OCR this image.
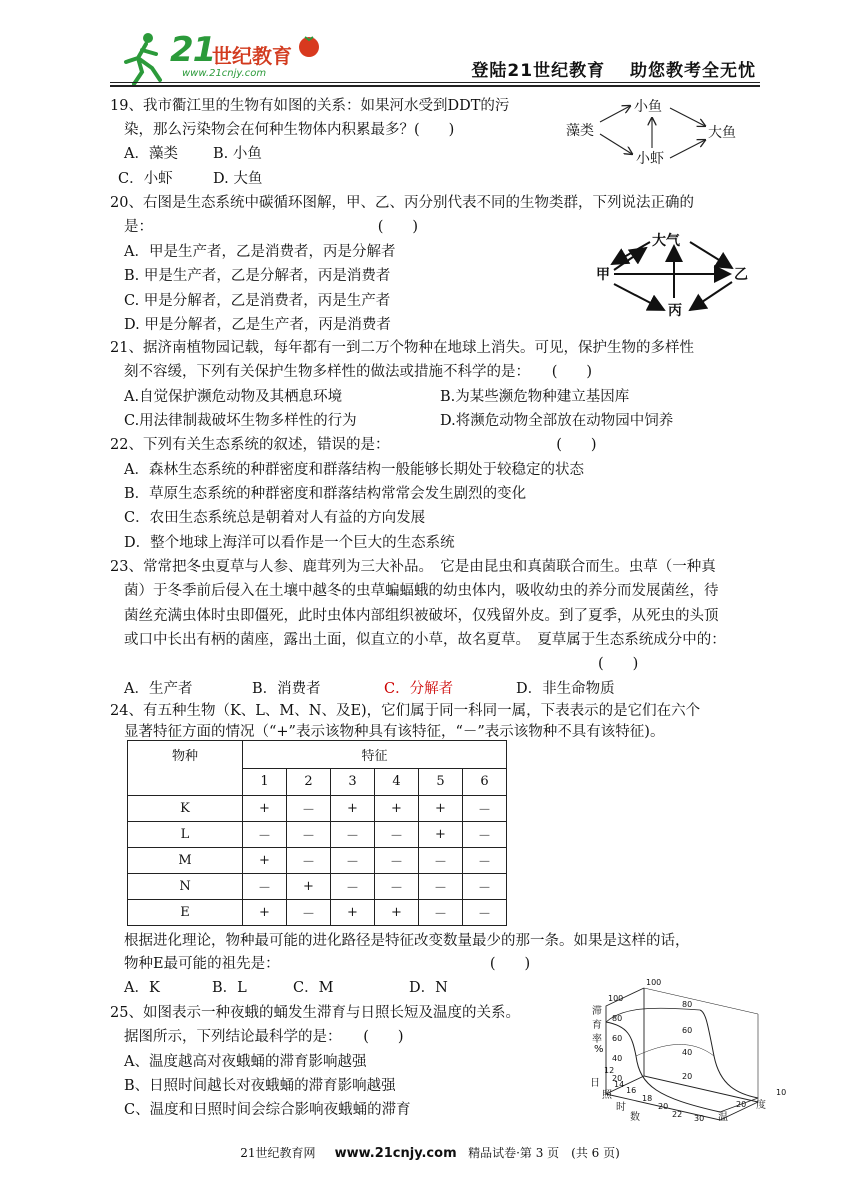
21
世纪教育
www.21cnjy.com	登陆21世纪教育　 助您教考全无忧
19、我市衢江里的生物有如图的关系：如果河水受到DDT的污
染，那么污染物会在何种生物体内积累最多？(　　)
A．藻类 B. 小鱼
C．小虾	D. 大鱼
藻类
小鱼
大鱼
小虾
20、右图是生态系统中碳循环图解，甲、乙、丙分别代表不同的生物类群，下列说法正确的
是：　　　　　　　　　　　　　　　　(　　)
A．甲是生产者，乙是消费者，丙是分解者
B. 甲是生产者，乙是分解者，丙是消费者
C. 甲是分解者，乙是消费者，丙是生产者
D. 甲是分解者，乙是生产者，丙是消费者
大气
甲	乙
丙
21、据济南植物园记载，每年都有一到二万个物种在地球上消失。可见，保护生物的多样性
刻不容缓，下列有关保护生物多样性的做法或措施不科学的是：　　(　　)
A.自觉保护濒危动物及其栖息环境	B.为某些濒危物种建立基因库
C.用法律制裁破坏生物多样性的行为	D.将濒危动物全部放在动物园中饲养
22、下列有关生态系统的叙述，错误的是：　　　　　　　　　　　　(　　)
A．森林生态系统的种群密度和群落结构一般能够长期处于较稳定的状态
B．草原生态系统的种群密度和群落结构常常会发生剧烈的变化
C．农田生态系统总是朝着对人有益的方向发展
D．整个地球上海洋可以看作是一个巨大的生态系统
23、常常把冬虫夏草与人参、鹿茸列为三大补品。　它是由昆虫和真菌联合而生。虫草（一种真
菌）于冬季前后侵入在土壤中越冬的虫草蝙蝠蛾的幼虫体内，吸收幼虫的养分而发展菌丝，待
菌丝充满虫体时虫即僵死，此时虫体内部组织被破坏，仅残留外皮。到了夏季，从死虫的头顶
或口中长出有柄的菌座，露出土面，似直立的小草，故名夏草。　夏草属于生态系统成分中的：
(　　)
A．生产者	B．消费者	C．分解者	D．非生命物质
24、有五种生物（K、L、M、N、及E)，它们属于同一科同一属，下表表示的是它们在六个
显著特征方面的情况（“+”表示该物种具有该特征，“－”表示该物种不具有该特征)。
物种	特征					
	1	2	3	4	5	6
K	+	－	+	+	+	－
L	－	－	－	－	+	－
M	+	－	－	－	－	－
N	－	+	－	－	－	－
E	+	－	+	+	－	－
根据进化理论，物种最可能的进化路径是特征改变数量最少的那一条。如果是这样的话，
物种E最可能的祖先是：　　　　　　　　　　　　　　　(　　)
A．K	B．L	C．M	D．N
25、如图表示一种夜蛾的蛹发生滞育与日照长短及温度的关系。
据图所示，下列结论最科学的是：　　(　　)
A、温度越高对夜蛾蛹的滞育影响越强
B、日照时间越长对夜蛾蛹的滞育影响越强
C、温度和日照时间会综合影响夜蛾蛹的滞育
滞
育
率
%
100
80
60
40
20
100
80
60
40
20
日
照
时
数
12
14
16
18
20
22	温
度
30
20
10
21世纪教育网 www.21cnjy.com 精品试卷·第 3 页　(共 6 页)
